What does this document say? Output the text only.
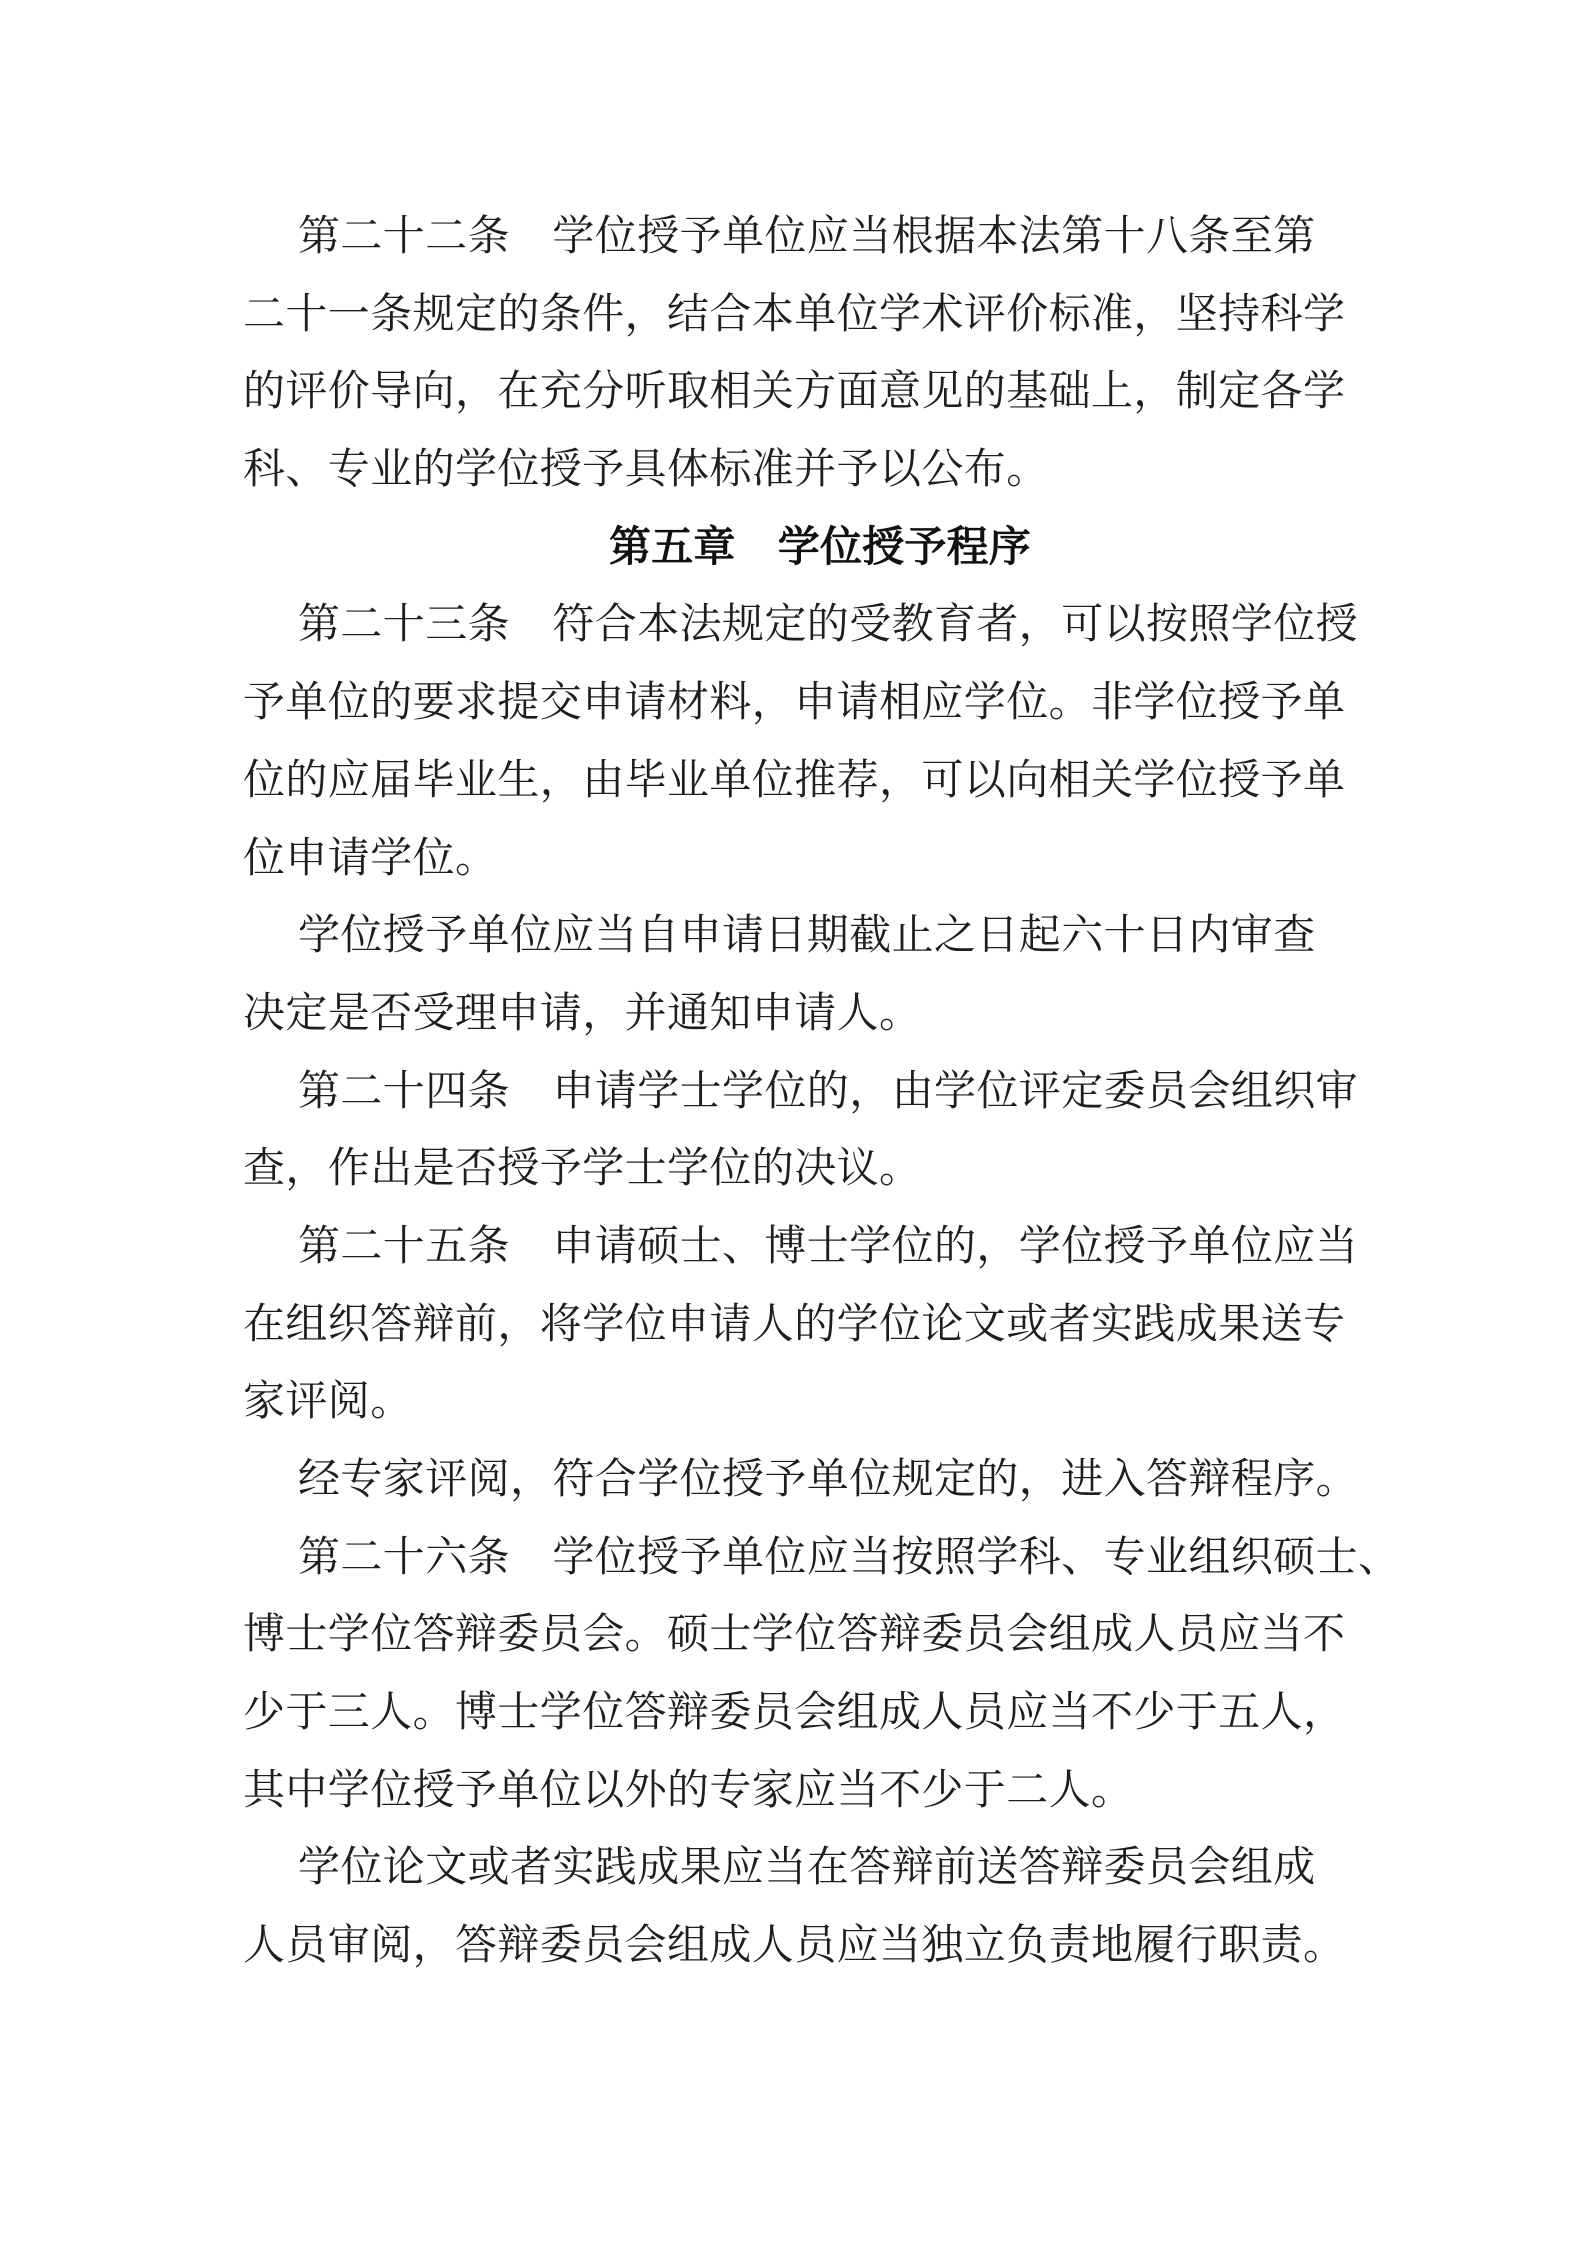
第二十二条　学位授予单位应当根据本法第十八条至第
二十一条规定的条件，结合本单位学术评价标准，坚持科学
的评价导向，在充分听取相关方面意见的基础上，制定各学
科、专业的学位授予具体标准并予以公布。
第五章　学位授予程序
第二十三条　符合本法规定的受教育者，可以按照学位授
予单位的要求提交申请材料，申请相应学位。非学位授予单
位的应届毕业生，由毕业单位推荐，可以向相关学位授予单
位申请学位。
学位授予单位应当自申请日期截止之日起六十日内审查
决定是否受理申请，并通知申请人。
第二十四条　申请学士学位的，由学位评定委员会组织审
查，作出是否授予学士学位的决议。
第二十五条　申请硕士、博士学位的，学位授予单位应当
在组织答辩前，将学位申请人的学位论文或者实践成果送专
家评阅。
经专家评阅，符合学位授予单位规定的，进入答辩程序。
第二十六条　学位授予单位应当按照学科、专业组织硕士、
博士学位答辩委员会。硕士学位答辩委员会组成人员应当不
少于三人。博士学位答辩委员会组成人员应当不少于五人，
其中学位授予单位以外的专家应当不少于二人。
学位论文或者实践成果应当在答辩前送答辩委员会组成
人员审阅，答辩委员会组成人员应当独立负责地履行职责。
